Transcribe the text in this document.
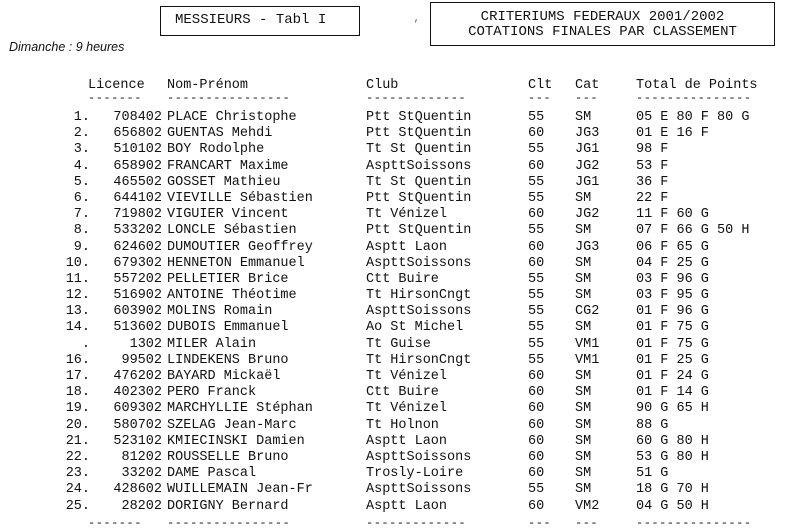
MESSIEURS - Tabl I	’
CRITERIUMS FEDERAUX 2001/2002
COTATIONS FINALES PAR CLASSEMENT
Dimanche : 9 heures
Licence Nom-Prénom	Club	Clt Cat	Total de Points
------- ----------------	-------------	--- ---	---------------
1.	708402 PLACE Christophe	Ptt StQuentin	55 SM	05 E 80 F 80 G
2.	656802 GUENTAS Mehdi	Ptt StQuentin	60 JG3	01 E 16 F
3.	510102 BOY Rodolphe	Tt St Quentin	55 JG1	98 F
4.	658902 FRANCART Maxime	AspttSoissons	60 JG2	53 F
5.	465502 GOSSET Mathieu	Tt St Quentin	55 JG1	36 F
6.	644102 VIEVILLE Sébastien	Ptt StQuentin	55 SM	22 F
7.	719802 VIGUIER Vincent	Tt Vénizel	60 JG2	11 F 60 G
8.	533202 LONCLE Sébastien	Ptt StQuentin	55 SM	07 F 66 G 50 H
9.	624602 DUMOUTIER Geoffrey	Asptt Laon	60 JG3	06 F 65 G
10.	679302 HENNETON Emmanuel	AspttSoissons	60 SM	04 F 25 G
11.	557202 PELLETIER Brice	Ctt Buire	55 SM	03 F 96 G
12.	516902 ANTOINE Théotime	Tt HirsonCngt	55 SM	03 F 95 G
13.	603902 MOLINS Romain	AspttSoissons	55 CG2	01 F 96 G
14.	513602 DUBOIS Emmanuel	Ao St Michel	55 SM	01 F 75 G
.	1302 MILER Alain	Tt Guise	55 VM1	01 F 75 G
16.	99502 LINDEKENS Bruno	Tt HirsonCngt	55 VM1	01 F 25 G
17.	476202 BAYARD Mickaël	Tt Vénizel	60 SM	01 F 24 G
18.	402302 PERO Franck	Ctt Buire	60 SM	01 F 14 G
19.	609302 MARCHYLLIE Stéphan	Tt Vénizel	60 SM	90 G 65 H
20.	580702 SZELAG Jean-Marc	Tt Holnon	60 SM	88 G
21.	523102 KMIECINSKI Damien	Asptt Laon	60 SM	60 G 80 H
22.	81202 ROUSSELLE Bruno	AspttSoissons	60 SM	53 G 80 H
23.	33202 DAME Pascal	Trosly-Loire	60 SM	51 G
24.	428602 WUILLEMAIN Jean-Fr	AspttSoissons	55 SM	18 G 70 H
25.	28202 DORIGNY Bernard	Asptt Laon	60 VM2	04 G 50 H
------- ----------------	-------------	--- ---	---------------
